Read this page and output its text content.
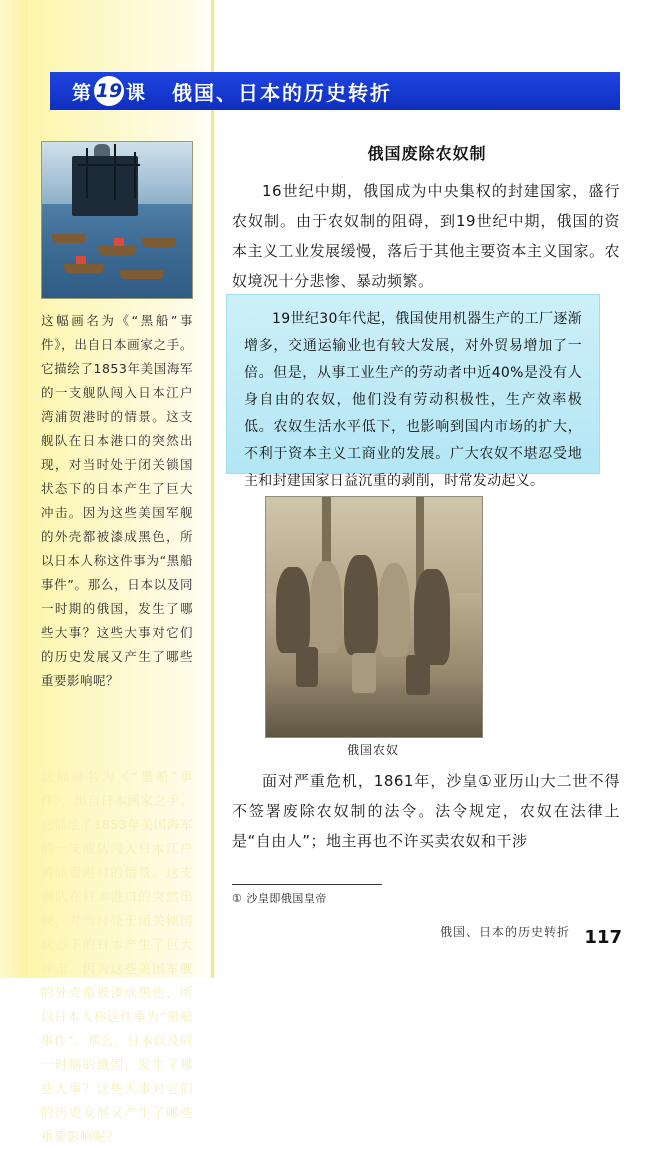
第 19 课 俄国、日本的历史转折
这幅画名为《“黑船”事件》，出自日本画家之手。它描绘了1853年美国海军的一支舰队闯入日本江户湾浦贺港时的情景。这支舰队在日本港口的突然出现，对当时处于闭关锁国状态下的日本产生了巨大冲击。因为这些美国军舰的外壳都被漆成黑色，所以日本人称这件事为“黑船事件”。那么，日本以及同一时期的俄国，发生了哪些大事？这些大事对它们的历史发展又产生了哪些重要影响呢？
这幅画名为《“黑船”事件》，出自日本画家之手。它描绘了1853年美国海军的一支舰队闯入日本江户湾浦贺港时的情景。这支舰队在日本港口的突然出现，对当时处于闭关锁国状态下的日本产生了巨大冲击。因为这些美国军舰的外壳都被漆成黑色，所以日本人称这件事为“黑船事件”。那么，日本以及同一时期的俄国，发生了哪些大事？这些大事对它们的历史发展又产生了哪些重要影响呢？
俄国废除农奴制
16世纪中期，俄国成为中央集权的封建国家，盛行农奴制。由于农奴制的阻碍，到19世纪中期，俄国的资本主义工业发展缓慢，落后于其他主要资本主义国家。农奴境况十分悲惨、暴动频繁。
19世纪30年代起，俄国使用机器生产的工厂逐渐增多，交通运输业也有较大发展，对外贸易增加了一倍。但是，从事工业生产的劳动者中近40%是没有人身自由的农奴，他们没有劳动积极性，生产效率极低。农奴生活水平低下，也影响到国内市场的扩大，不利于资本主义工商业的发展。广大农奴不堪忍受地主和封建国家日益沉重的剥削，时常发动起义。
俄国农奴
面对严重危机，1861年，沙皇①亚历山大二世不得不签署废除农奴制的法令。法令规定，农奴在法律上是“自由人”；地主再也不许买卖农奴和干涉
① 沙皇即俄国皇帝
俄国、日本的历史转折 117
